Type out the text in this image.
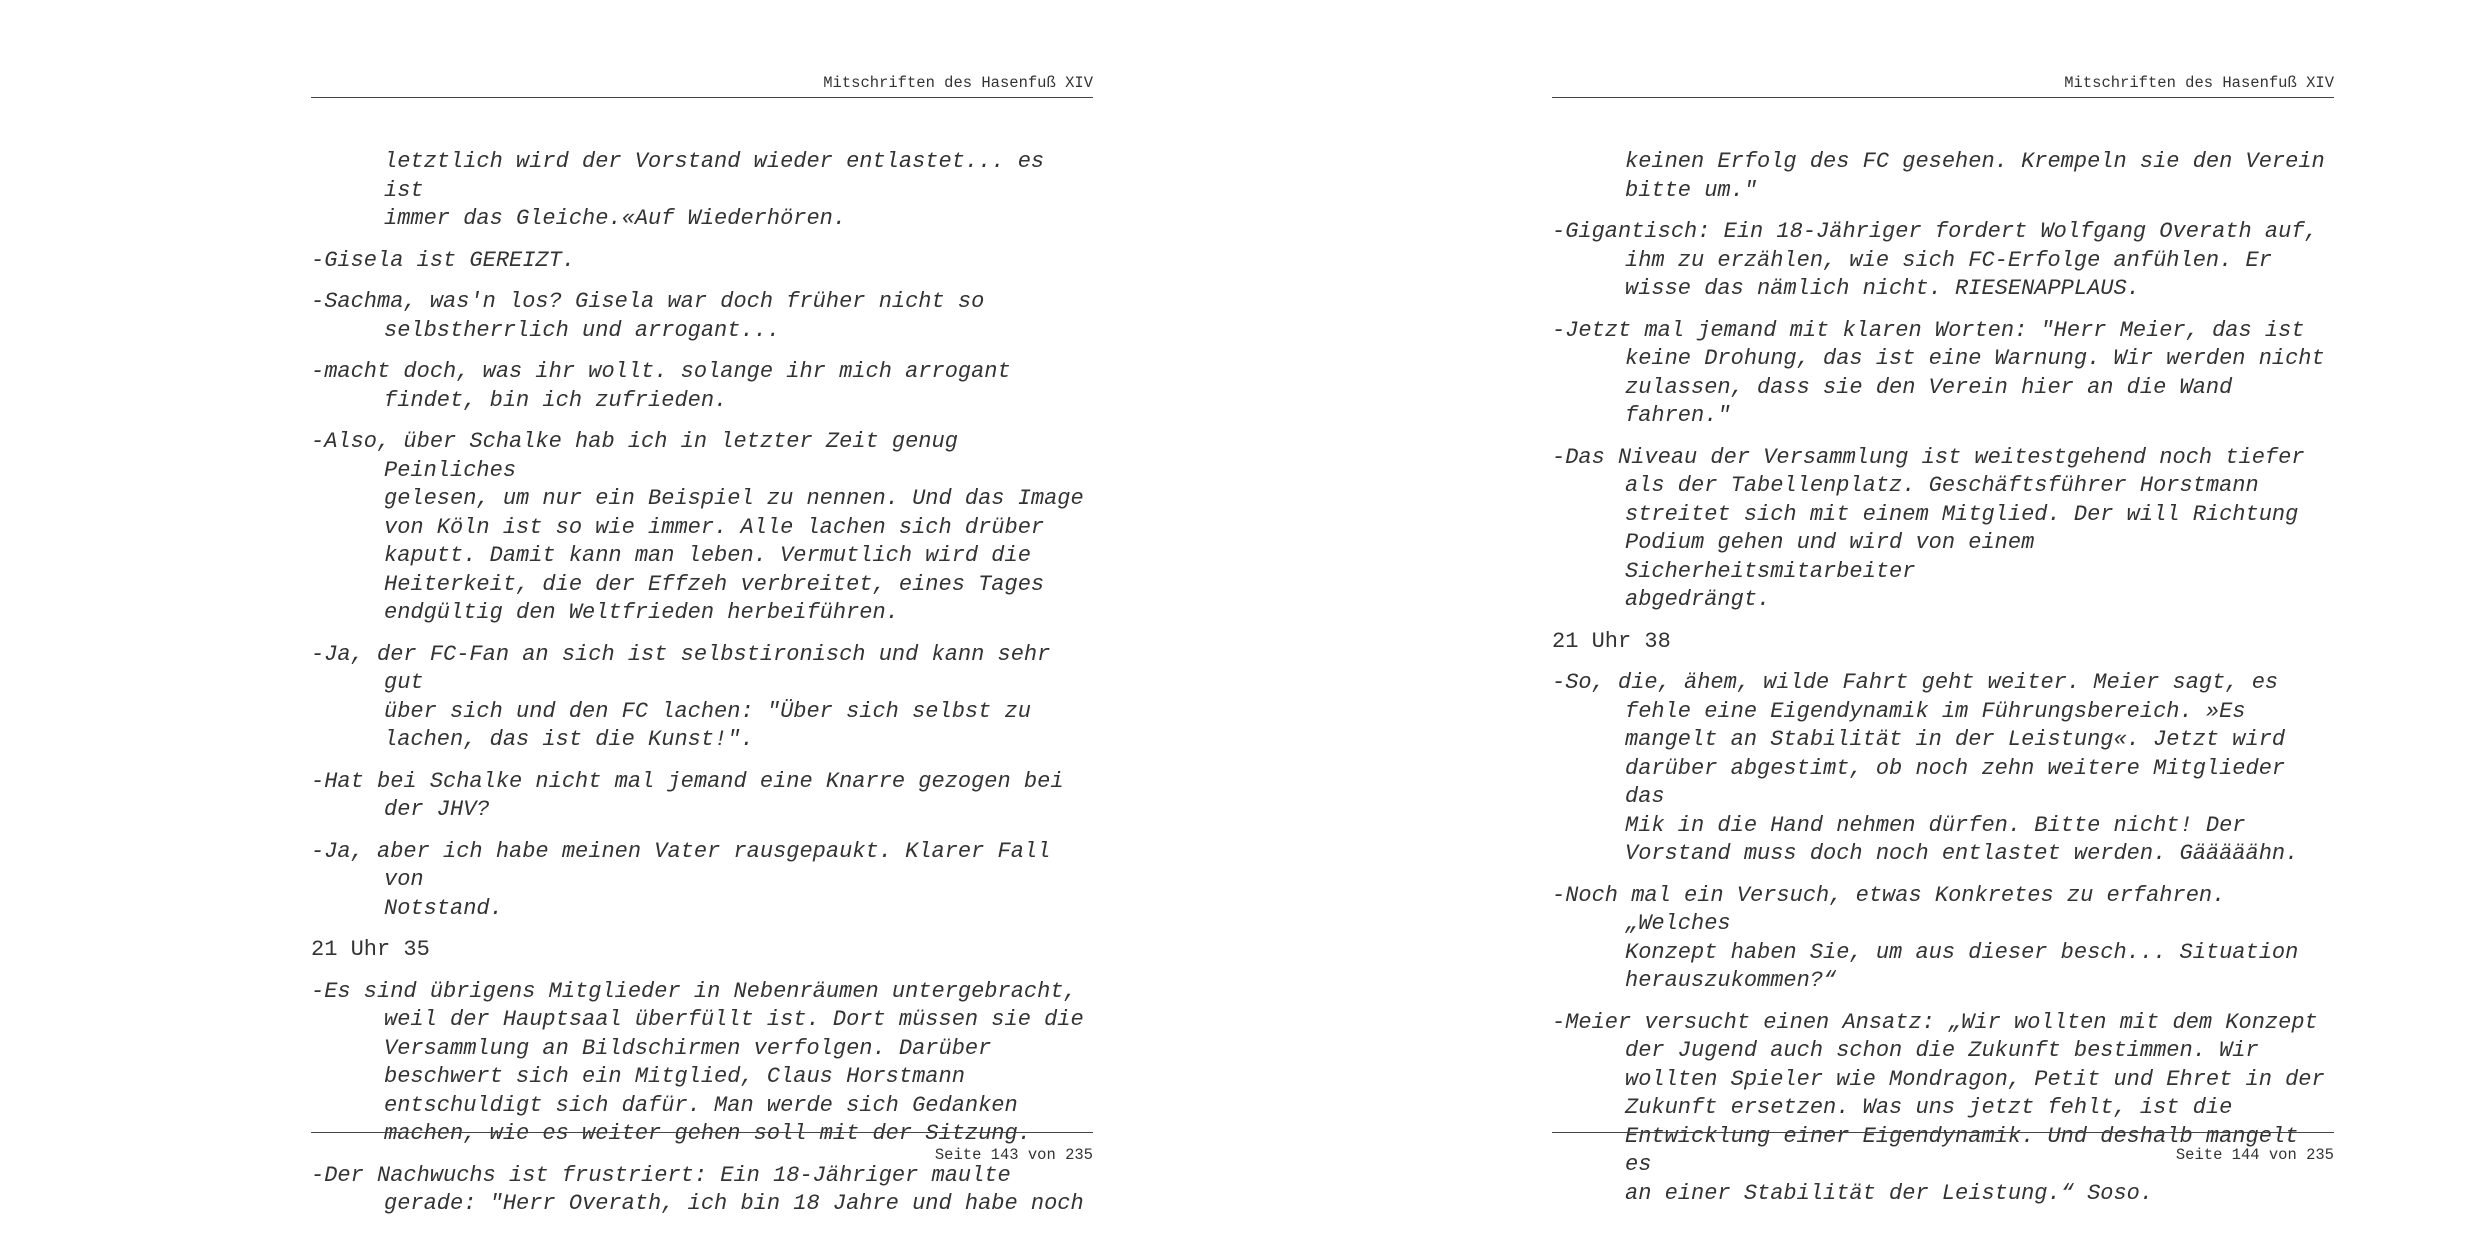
Mitschriften des Hasenfuß XIV

letztlich wird der Vorstand wieder entlastet... es ist
immer das Gleiche.«Auf Wiederhören.

-Gisela ist GEREIZT.

-Sachma, was'n los? Gisela war doch früher nicht so
selbstherrlich und arrogant...

-macht doch, was ihr wollt. solange ihr mich arrogant
findet, bin ich zufrieden.

-Also, über Schalke hab ich in letzter Zeit genug Peinliches
gelesen, um nur ein Beispiel zu nennen. Und das Image
von Köln ist so wie immer. Alle lachen sich drüber
kaputt. Damit kann man leben. Vermutlich wird die
Heiterkeit, die der Effzeh verbreitet, eines Tages
endgültig den Weltfrieden herbeiführen.

-Ja, der FC-Fan an sich ist selbstironisch und kann sehr gut
über sich und den FC lachen: "Über sich selbst zu
lachen, das ist die Kunst!".

-Hat bei Schalke nicht mal jemand eine Knarre gezogen bei
der JHV?

-Ja, aber ich habe meinen Vater rausgepaukt. Klarer Fall von
Notstand.

21 Uhr 35

-Es sind übrigens Mitglieder in Nebenräumen untergebracht,
weil der Hauptsaal überfüllt ist. Dort müssen sie die
Versammlung an Bildschirmen verfolgen. Darüber
beschwert sich ein Mitglied, Claus Horstmann
entschuldigt sich dafür. Man werde sich Gedanken
machen, wie es weiter gehen soll mit der Sitzung.

-Der Nachwuchs ist frustriert: Ein 18-Jähriger maulte
gerade: "Herr Overath, ich bin 18 Jahre und habe noch

Seite 143 von 235
Mitschriften des Hasenfuß XIV

keinen Erfolg des FC gesehen. Krempeln sie den Verein
bitte um."

-Gigantisch: Ein 18-Jähriger fordert Wolfgang Overath auf,
ihm zu erzählen, wie sich FC-Erfolge anfühlen. Er
wisse das nämlich nicht. RIESENAPPLAUS.

-Jetzt mal jemand mit klaren Worten: "Herr Meier, das ist
keine Drohung, das ist eine Warnung. Wir werden nicht
zulassen, dass sie den Verein hier an die Wand
fahren."

-Das Niveau der Versammlung ist weitestgehend noch tiefer
als der Tabellenplatz. Geschäftsführer Horstmann
streitet sich mit einem Mitglied. Der will Richtung
Podium gehen und wird von einem Sicherheitsmitarbeiter
abgedrängt.

21 Uhr 38

-So, die, ähem, wilde Fahrt geht weiter. Meier sagt, es
fehle eine Eigendynamik im Führungsbereich. »Es
mangelt an Stabilität in der Leistung«. Jetzt wird
darüber abgestimt, ob noch zehn weitere Mitglieder das
Mik in die Hand nehmen dürfen. Bitte nicht! Der
Vorstand muss doch noch entlastet werden. Gääääähn.

-Noch mal ein Versuch, etwas Konkretes zu erfahren. „Welches
Konzept haben Sie, um aus dieser besch... Situation
herauszukommen?“

-Meier versucht einen Ansatz: „Wir wollten mit dem Konzept
der Jugend auch schon die Zukunft bestimmen. Wir
wollten Spieler wie Mondragon, Petit und Ehret in der
Zukunft ersetzen. Was uns jetzt fehlt, ist die
Entwicklung einer Eigendynamik. Und deshalb mangelt es
an einer Stabilität der Leistung.“ Soso.

Seite 144 von 235
